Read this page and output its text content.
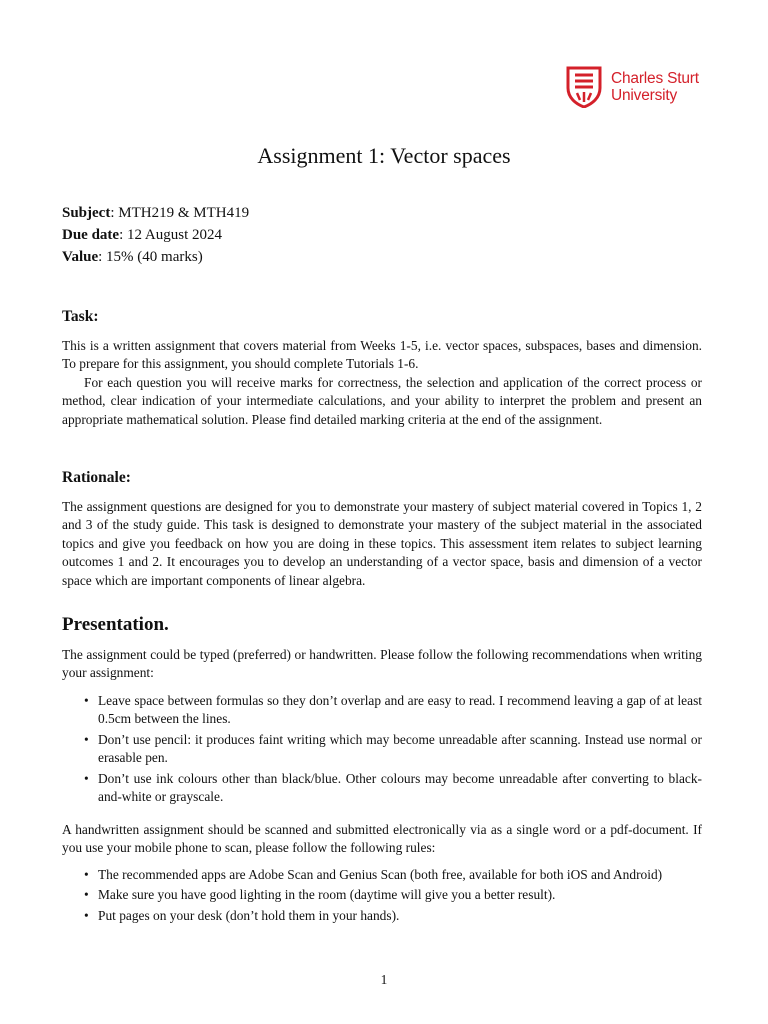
Charles Sturt
University
Assignment 1: Vector spaces
Subject: MTH219 & MTH419
Due date: 12 August 2024
Value: 15% (40 marks)
Task:

This is a written assignment that covers material from Weeks 1-5, i.e. vector spaces, subspaces, bases and dimension. To prepare for this assignment, you should complete Tutorials 1-6.

For each question you will receive marks for correctness, the selection and application of the correct process or method, clear indication of your intermediate calculations, and your ability to interpret the problem and present an appropriate mathematical solution. Please find detailed marking criteria at the end of the assignment.

Rationale:

The assignment questions are designed for you to demonstrate your mastery of subject material covered in Topics 1, 2 and 3 of the study guide. This task is designed to demonstrate your mastery of the subject material in the associated topics and give you feedback on how you are doing in these topics. This assessment item relates to subject learning outcomes 1 and 2. It encourages you to develop an understanding of a vector space, basis and dimension of a vector space which are important components of linear algebra.

Presentation.

The assignment could be typed (preferred) or handwritten. Please follow the following recommendations when writing your assignment:

• Leave space between formulas so they don’t overlap and are easy to read. I recommend leaving a gap of at least 0.5cm between the lines.
• Don’t use pencil: it produces faint writing which may become unreadable after scanning. Instead use normal or erasable pen.
• Don’t use ink colours other than black/blue. Other colours may become unreadable after converting to black-and-white or grayscale.

A handwritten assignment should be scanned and submitted electronically via as a single word or a pdf-document. If you use your mobile phone to scan, please follow the following rules:

• The recommended apps are Adobe Scan and Genius Scan (both free, available for both iOS and Android)
• Make sure you have good lighting in the room (daytime will give you a better result).
• Put pages on your desk (don’t hold them in your hands).
1
